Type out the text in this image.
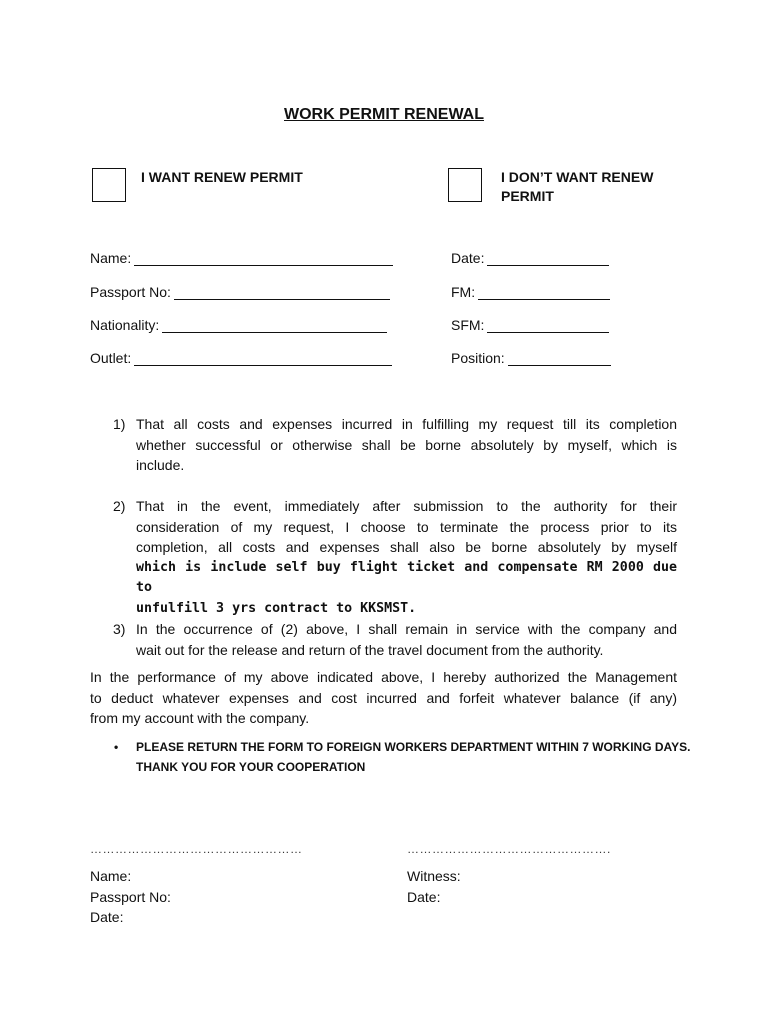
WORK PERMIT RENEWAL
I WANT RENEW PERMIT	I DON’T WANT RENEW
PERMIT
Name:
Passport No:
Nationality:
Outlet:
Date:
FM:
SFM:
Position:
1) That all costs and expenses incurred in fulfilling my request till its completion
whether successful or otherwise shall be borne absolutely by myself, which is
include.
2) That in the event, immediately after submission to the authority for their
consideration of my request, I choose to terminate the process prior to its
completion, all costs and expenses shall also be borne absolutely by myself
which is include self buy flight ticket and compensate RM 2000 due to
unfulfill 3 yrs contract to KKSMST.
3) In the occurrence of (2) above, I shall remain in service with the company and
wait out for the release and return of the travel document from the authority.
In the performance of my above indicated above, I hereby authorized the Management
to deduct whatever expenses and cost incurred and forfeit whatever balance (if any)
from my account with the company.
• PLEASE RETURN THE FORM TO FOREIGN WORKERS DEPARTMENT WITHIN 7 WORKING DAYS.
THANK YOU FOR YOUR COOPERATION
……………………………………………	………………………………………….
Name:
Passport No:
Date:
Witness:
Date:
